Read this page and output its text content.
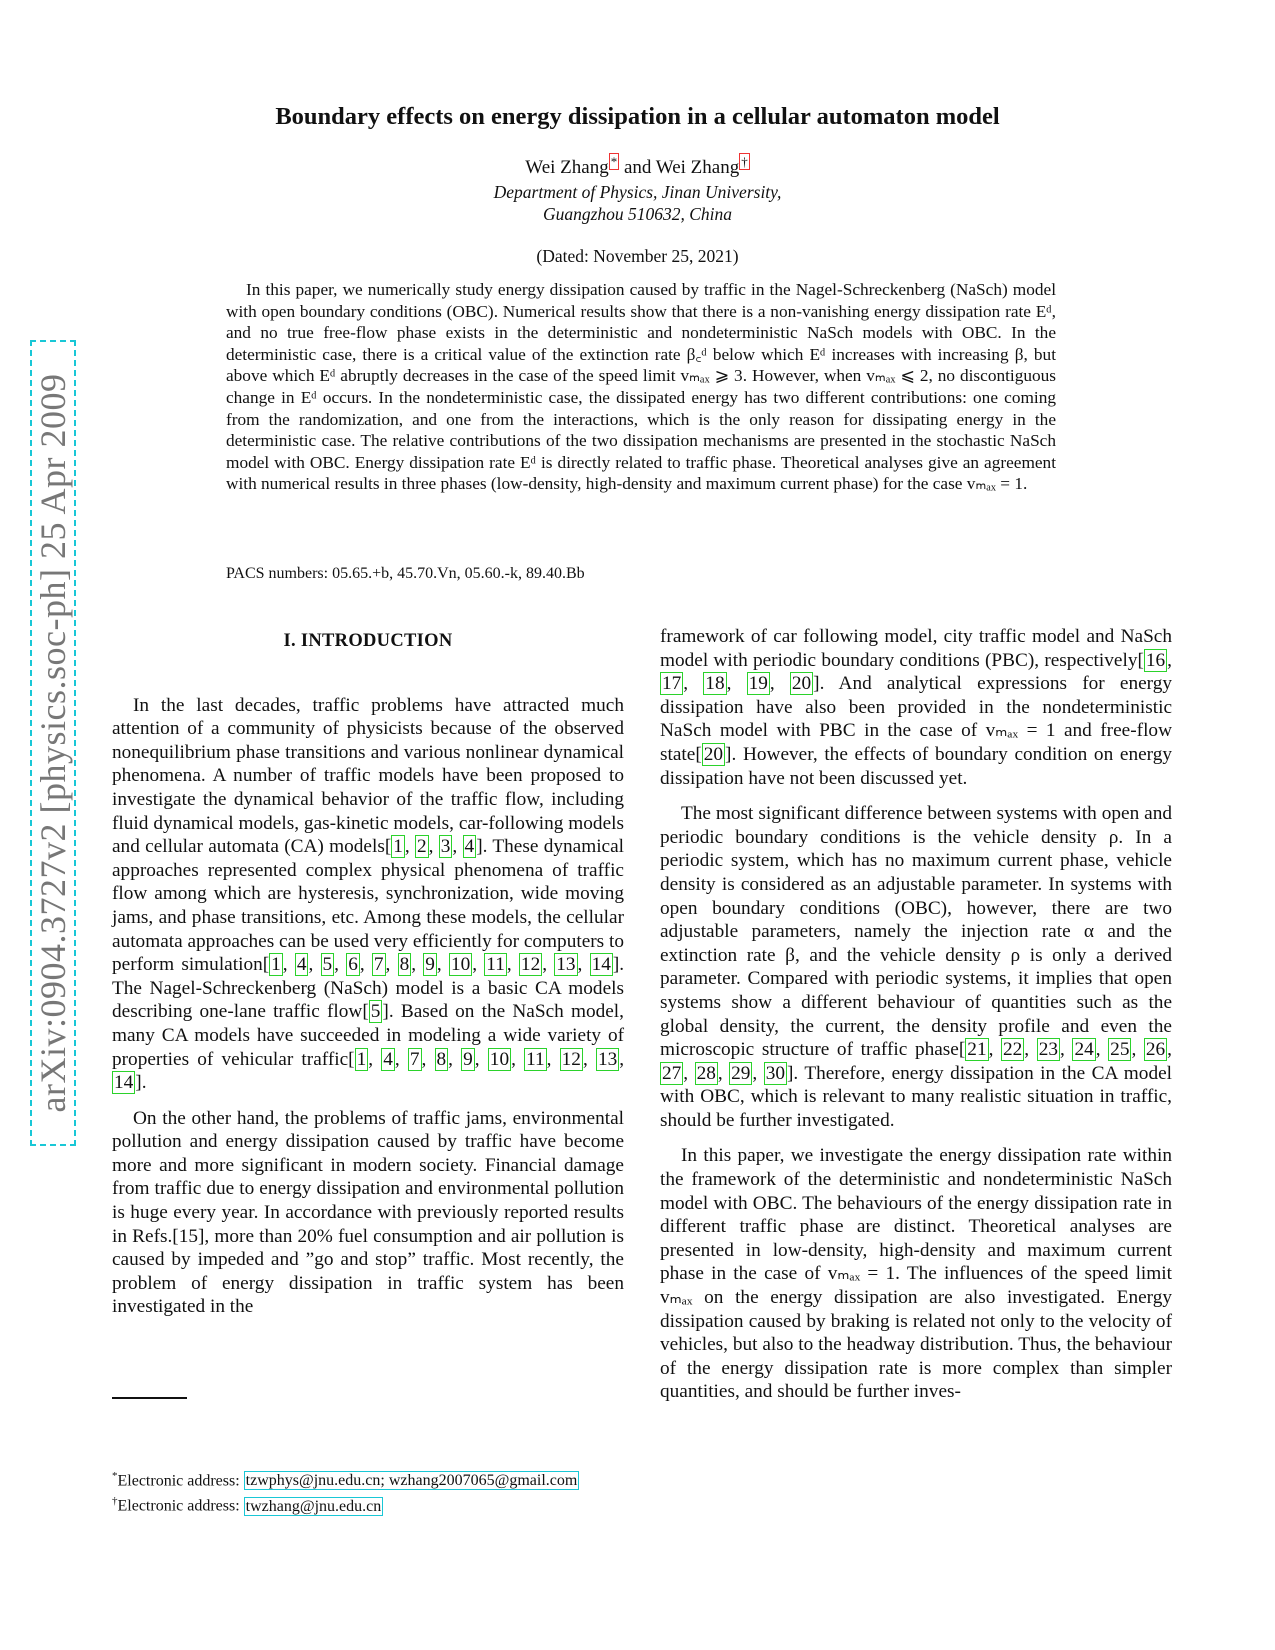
arXiv:0904.3727v2 [physics.soc-ph] 25 Apr 2009
Boundary effects on energy dissipation in a cellular automaton model
Wei Zhang * and Wei Zhang †
Department of Physics, Jinan University,
Guangzhou 510632, China
(Dated: November 25, 2021)

In this paper, we numerically study energy dissipation caused by traffic in the Nagel-Schreckenberg (NaSch) model with open boundary conditions (OBC). Numerical results show that there is a non-vanishing energy dissipation rate Eᵈ, and no true free-flow phase exists in the deterministic and nondeterministic NaSch models with OBC. In the deterministic case, there is a critical value of the extinction rate β꜀ᵈ below which Eᵈ increases with increasing β, but above which Eᵈ abruptly decreases in the case of the speed limit vₘₐₓ ⩾ 3. However, when vₘₐₓ ⩽ 2, no discontiguous change in Eᵈ occurs. In the nondeterministic case, the dissipated energy has two different contributions: one coming from the randomization, and one from the interactions, which is the only reason for dissipating energy in the deterministic case. The relative contributions of the two dissipation mechanisms are presented in the stochastic NaSch model with OBC. Energy dissipation rate Eᵈ is directly related to traffic phase. Theoretical analyses give an agreement with numerical results in three phases (low-density, high-density and maximum current phase) for the case vₘₐₓ = 1.

PACS numbers: 05.65.+b, 45.70.Vn, 05.60.-k, 89.40.Bb
I. INTRODUCTION

In the last decades, traffic problems have attracted much attention of a community of physicists because of the observed nonequilibrium phase transitions and various nonlinear dynamical phenomena. A number of traffic models have been proposed to investigate the dynamical behavior of the traffic flow, including fluid dynamical models, gas-kinetic models, car-following models and cellular automata (CA) models[ 1 , 2 , 3 , 4 ]. These dynamical approaches represented complex physical phenomena of traffic flow among which are hysteresis, synchronization, wide moving jams, and phase transitions, etc. Among these models, the cellular automata approaches can be used very efficiently for computers to perform simulation[ 1 , 4 , 5 , 6 , 7 , 8 , 9 , 10 , 11 , 12 , 13 , 14 ]. The Nagel-Schreckenberg (NaSch) model is a basic CA models describing one-lane traffic flow[ 5 ]. Based on the NaSch model, many CA models have succeeded in modeling a wide variety of properties of vehicular traffic[ 1 , 4 , 7 , 8 , 9 , 10 , 11 , 12 , 13 , 14 ].

On the other hand, the problems of traffic jams, environmental pollution and energy dissipation caused by traffic have become more and more significant in modern society. Financial damage from traffic due to energy dissipation and environmental pollution is huge every year. In accordance with previously reported results in Refs.[15], more than 20% fuel consumption and air pollution is caused by impeded and ”go and stop” traffic. Most recently, the problem of energy dissipation in traffic system has been investigated in the

framework of car following model, city traffic model and NaSch model with periodic boundary conditions (PBC), respectively[ 16 , 17 , 18 , 19 , 20 ]. And analytical expressions for energy dissipation have also been provided in the nondeterministic NaSch model with PBC in the case of vₘₐₓ = 1 and free-flow state[ 20 ]. However, the effects of boundary condition on energy dissipation have not been discussed yet.

The most significant difference between systems with open and periodic boundary conditions is the vehicle density ρ. In a periodic system, which has no maximum current phase, vehicle density is considered as an adjustable parameter. In systems with open boundary conditions (OBC), however, there are two adjustable parameters, namely the injection rate α and the extinction rate β, and the vehicle density ρ is only a derived parameter. Compared with periodic systems, it implies that open systems show a different behaviour of quantities such as the global density, the current, the density profile and even the microscopic structure of traffic phase[ 21 , 22 , 23 , 24 , 25 , 26 , 27 , 28 , 29 , 30 ]. Therefore, energy dissipation in the CA model with OBC, which is relevant to many realistic situation in traffic, should be further investigated.

In this paper, we investigate the energy dissipation rate within the framework of the deterministic and nondeterministic NaSch model with OBC. The behaviours of the energy dissipation rate in different traffic phase are distinct. Theoretical analyses are presented in low-density, high-density and maximum current phase in the case of vₘₐₓ = 1. The influences of the speed limit vₘₐₓ on the energy dissipation are also investigated. Energy dissipation caused by braking is related not only to the velocity of vehicles, but also to the headway distribution. Thus, the behaviour of the energy dissipation rate is more complex than simpler quantities, and should be further inves-

*Electronic address: tzwphys@jnu.edu.cn; wzhang2007065@gmail.com
†Electronic address: twzhang@jnu.edu.cn
